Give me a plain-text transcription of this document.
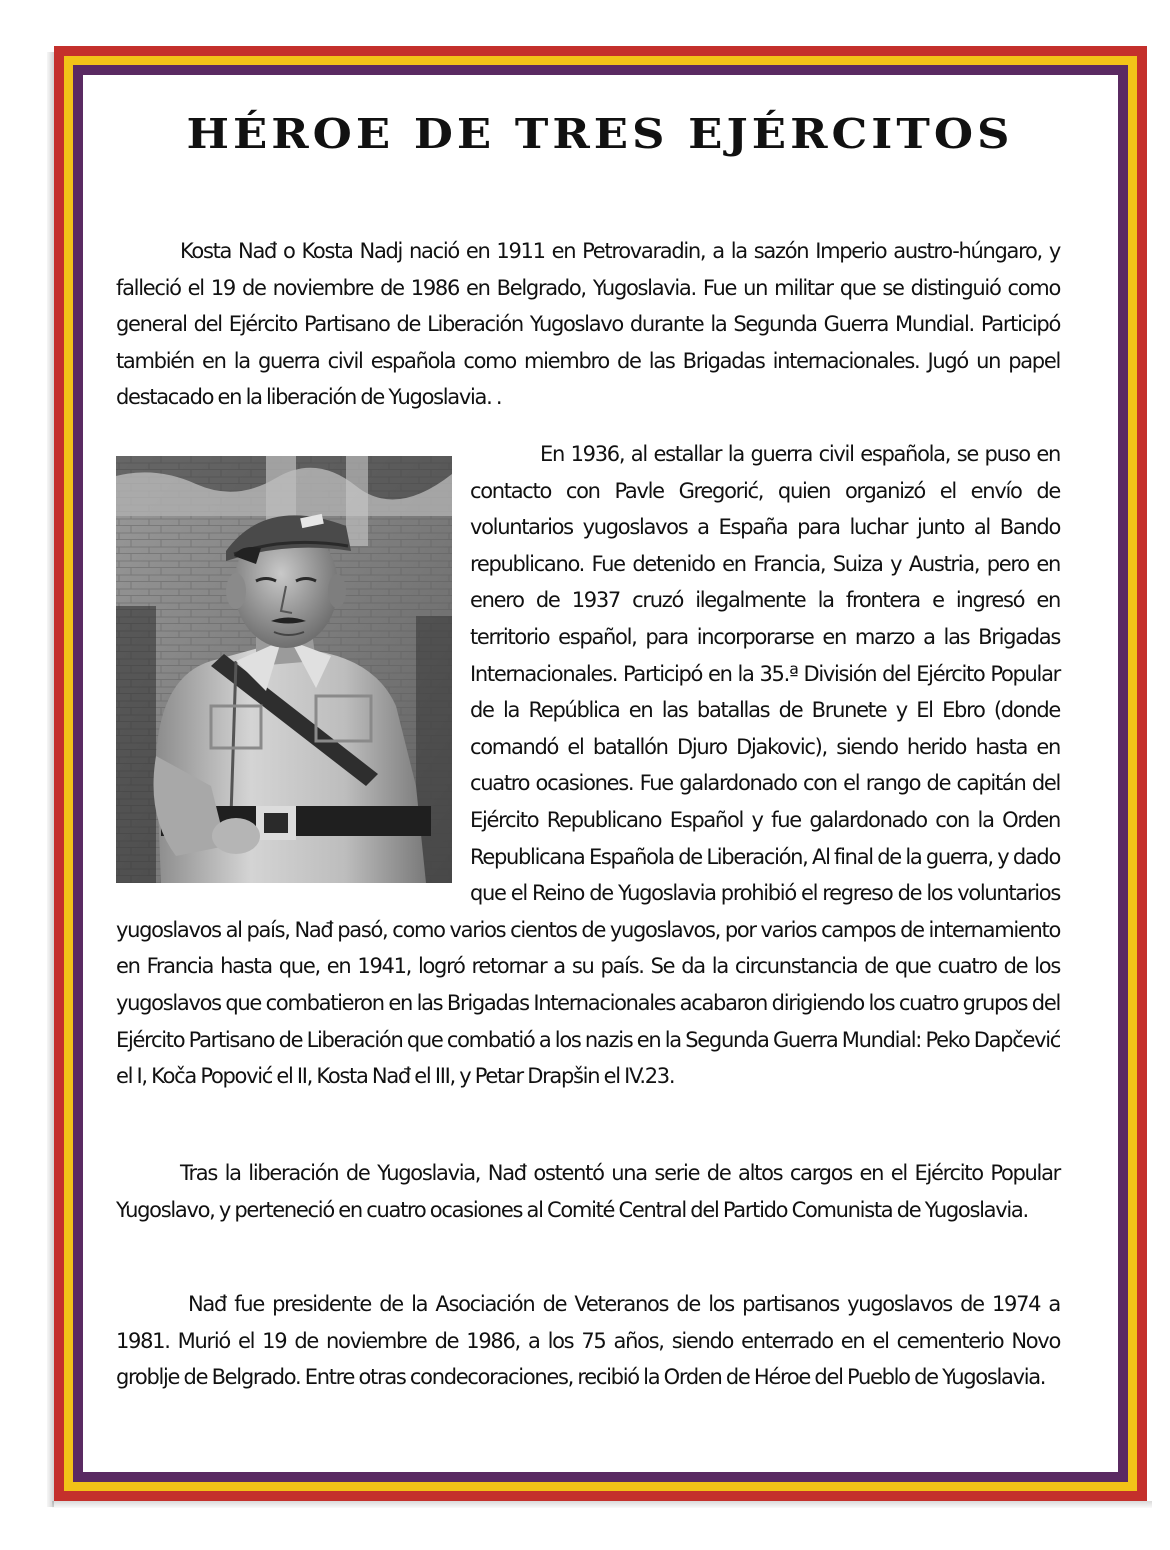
HÉROE DE TRES EJÉRCITOS

Kosta Nađ o Kosta Nadj nació en 1911 en Petrovaradin, a la sazón Imperio austro-húngaro, y falleció el 19 de noviembre de 1986 en Belgrado, Yugoslavia. Fue un militar que se distinguió como general del Ejército Partisano de Liberación Yugoslavo durante la Segunda Guerra Mundial. Participó también en la guerra civil española como miembro de las Brigadas internacionales. Jugó un papel destacado en la liberación de Yugoslavia. .

En 1936, al estallar la guerra civil española, se puso en contacto con Pavle Gregorić, quien organizó el envío de voluntarios yugoslavos a España para luchar junto al Bando republicano. Fue detenido en Francia, Suiza y Austria, pero en enero de 1937 cruzó ilegalmente la frontera e ingresó en territorio español, para incorporarse en marzo a las Brigadas Internacionales. Participó en la 35.ª División del Ejército Popular de la República en las batallas de Brunete y El Ebro (donde comandó el batallón Djuro Djakovic), siendo herido hasta en cuatro ocasiones. Fue galardonado con el rango de capitán del Ejército Republicano Español y fue galardonado con la Orden Republicana Española de Liberación, Al final de la guerra, y dado que el Reino de Yugoslavia prohibió el regreso de los voluntarios yugoslavos al país, Nađ pasó, como varios cientos de yugoslavos, por varios campos de internamiento en Francia hasta que, en 1941, logró retornar a su país. Se da la circunstancia de que cuatro de los yugoslavos que combatieron en las Brigadas Internacionales acabaron dirigiendo los cuatro grupos del Ejército Partisano de Liberación que combatió a los nazis en la Segunda Guerra Mundial: Peko Dapčević el I, Koča Popović el II, Kosta Nađ el III, y Petar Drapšin el IV.23.

Tras la liberación de Yugoslavia, Nađ ostentó una serie de altos cargos en el Ejército Popular Yugoslavo, y perteneció en cuatro ocasiones al Comité Central del Partido Comunista de Yugoslavia.

Nađ fue presidente de la Asociación de Veteranos de los partisanos yugoslavos de 1974 a 1981. Murió el 19 de noviembre de 1986, a los 75 años, siendo enterrado en el cementerio Novo groblje de Belgrado. Entre otras condecoraciones, recibió la Orden de Héroe del Pueblo de Yugoslavia.
